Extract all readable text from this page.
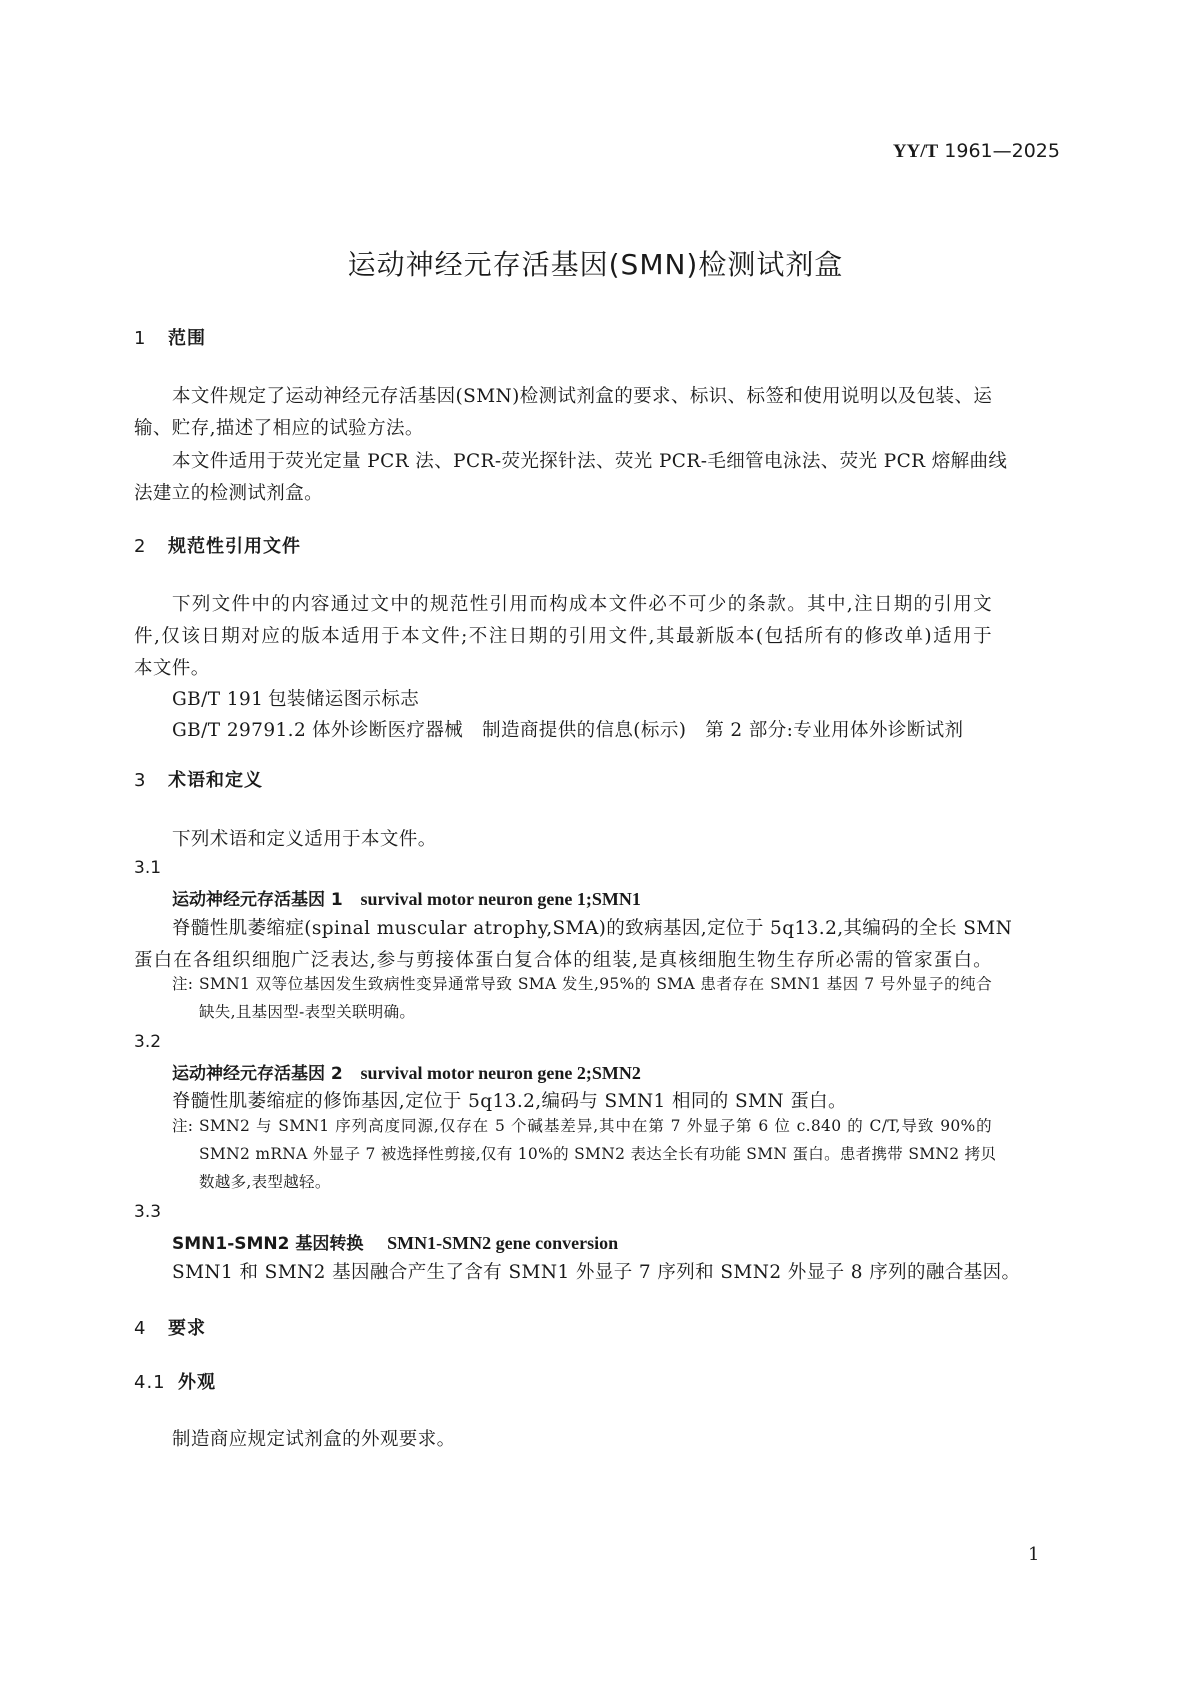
YY/T 1961—2025
运动神经元存活基因(SMN)检测试剂盒
1 范围
本文件规定了运动神经元存活基因(SMN)检测试剂盒的要求、标识、标签和使用说明以及包装、运
输、贮存,描述了相应的试验方法。
本文件适用于荧光定量 PCR 法、PCR-荧光探针法、荧光 PCR-毛细管电泳法、荧光 PCR 熔解曲线
法建立的检测试剂盒。
2 规范性引用文件
下列文件中的内容通过文中的规范性引用而构成本文件必不可少的条款。其中,注日期的引用文
件,仅该日期对应的版本适用于本文件;不注日期的引用文件,其最新版本(包括所有的修改单)适用于
本文件。
GB/T 191 包装储运图示标志
GB/T 29791.2 体外诊断医疗器械　制造商提供的信息(标示)　第 2 部分:专业用体外诊断试剂
3 术语和定义
下列术语和定义适用于本文件。
3.1
运动神经元存活基因 1 survival motor neuron gene 1;SMN1
脊髓性肌萎缩症(spinal muscular atrophy,SMA)的致病基因,定位于 5q13.2,其编码的全长 SMN
蛋白在各组织细胞广泛表达,参与剪接体蛋白复合体的组装,是真核细胞生物生存所必需的管家蛋白。
注: SMN1 双等位基因发生致病性变异通常导致 SMA 发生,95%的 SMA 患者存在 SMN1 基因 7 号外显子的纯合
缺失,且基因型-表型关联明确。
3.2
运动神经元存活基因 2 survival motor neuron gene 2;SMN2
脊髓性肌萎缩症的修饰基因,定位于 5q13.2,编码与 SMN1 相同的 SMN 蛋白。
注: SMN2 与 SMN1 序列高度同源,仅存在 5 个碱基差异,其中在第 7 外显子第 6 位 c.840 的 C/T,导致 90%的
SMN2 mRNA 外显子 7 被选择性剪接,仅有 10%的 SMN2 表达全长有功能 SMN 蛋白。患者携带 SMN2 拷贝
数越多,表型越轻。
3.3
SMN1-SMN2 基因转换 SMN1-SMN2 gene conversion
SMN1 和 SMN2 基因融合产生了含有 SMN1 外显子 7 序列和 SMN2 外显子 8 序列的融合基因。
4 要求
4.1 外观
制造商应规定试剂盒的外观要求。
1
